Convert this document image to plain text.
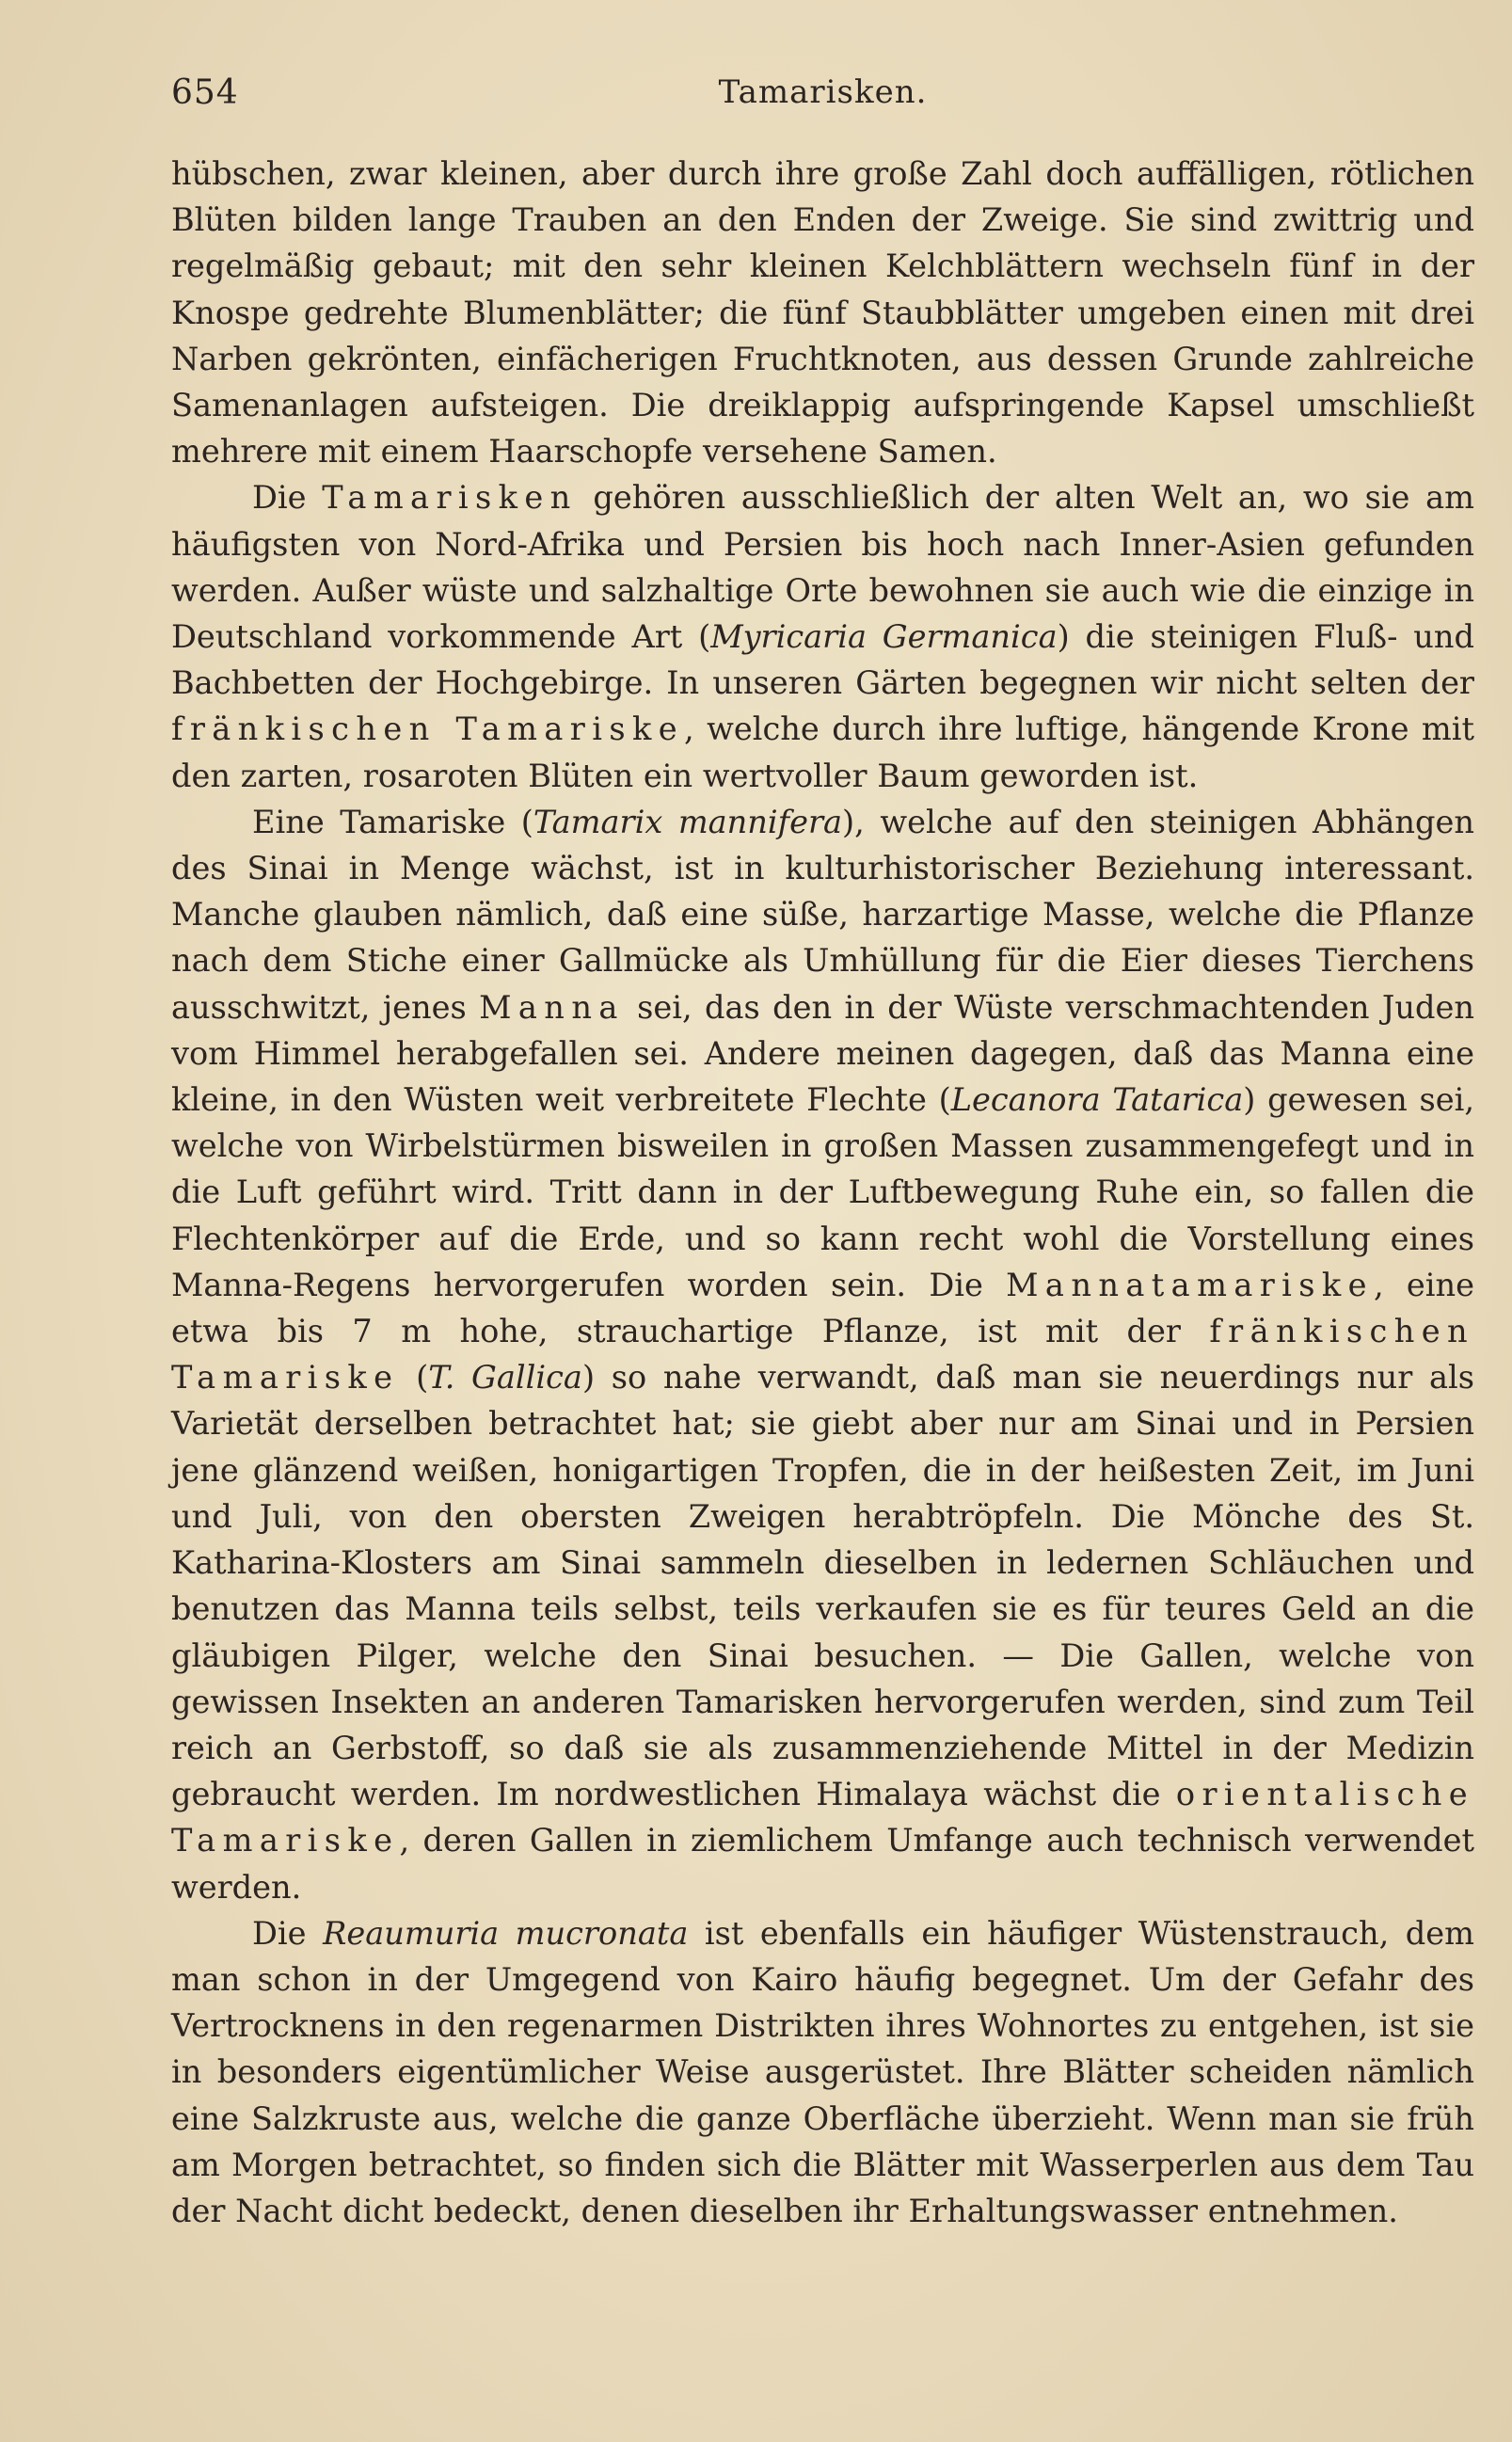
654	Tamarisken.

hübschen, zwar kleinen, aber durch ihre große Zahl doch auffälligen, rötlichen Blüten bilden lange Trauben an den Enden der Zweige. Sie sind zwittrig und regelmäßig gebaut; mit den sehr kleinen Kelchblättern wechseln fünf in der Knospe gedrehte Blumenblätter; die fünf Staubblätter umgeben einen mit drei Narben gekrönten, einfächerigen Fruchtknoten, aus dessen Grunde zahlreiche Samenanlagen aufsteigen. Die dreiklappig aufspringende Kapsel umschließt mehrere mit einem Haarschopfe versehene Samen.

Die Tamarisken gehören ausschließlich der alten Welt an, wo sie am häufigsten von Nord-Afrika und Persien bis hoch nach Inner-Asien gefunden werden. Außer wüste und salzhaltige Orte bewohnen sie auch wie die einzige in Deutschland vorkommende Art (Myricaria Germanica) die steinigen Fluß- und Bachbetten der Hochgebirge. In unseren Gärten begegnen wir nicht selten der fränkischen Tamariske, welche durch ihre luftige, hängende Krone mit den zarten, rosaroten Blüten ein wertvoller Baum geworden ist.

Eine Tamariske (Tamarix mannifera), welche auf den steinigen Abhängen des Sinai in Menge wächst, ist in kulturhistorischer Beziehung interessant. Manche glauben nämlich, daß eine süße, harzartige Masse, welche die Pflanze nach dem Stiche einer Gallmücke als Umhüllung für die Eier dieses Tierchens ausschwitzt, jenes Manna sei, das den in der Wüste verschmachtenden Juden vom Himmel herabgefallen sei. Andere meinen dagegen, daß das Manna eine kleine, in den Wüsten weit verbreitete Flechte (Lecanora Tatarica) gewesen sei, welche von Wirbelstürmen bisweilen in großen Massen zusammengefegt und in die Luft geführt wird. Tritt dann in der Luftbewegung Ruhe ein, so fallen die Flechtenkörper auf die Erde, und so kann recht wohl die Vorstellung eines Manna-Regens hervorgerufen worden sein. Die Mannatamariske, eine etwa bis 7 m hohe, strauchartige Pflanze, ist mit der fränkischen Tamariske (T. Gallica) so nahe verwandt, daß man sie neuerdings nur als Varietät derselben betrachtet hat; sie giebt aber nur am Sinai und in Persien jene glänzend weißen, honigartigen Tropfen, die in der heißesten Zeit, im Juni und Juli, von den obersten Zweigen herabtröpfeln. Die Mönche des St. Katharina-Klosters am Sinai sammeln dieselben in ledernen Schläuchen und benutzen das Manna teils selbst, teils verkaufen sie es für teures Geld an die gläubigen Pilger, welche den Sinai besuchen. — Die Gallen, welche von gewissen Insekten an anderen Tamarisken hervorgerufen werden, sind zum Teil reich an Gerbstoff, so daß sie als zusammenziehende Mittel in der Medizin gebraucht werden. Im nordwestlichen Himalaya wächst die orientalische Tamariske, deren Gallen in ziemlichem Umfange auch technisch verwendet werden.

Die Reaumuria mucronata ist ebenfalls ein häufiger Wüstenstrauch, dem man schon in der Umgegend von Kairo häufig begegnet. Um der Gefahr des Vertrocknens in den regenarmen Distrikten ihres Wohnortes zu entgehen, ist sie in besonders eigentümlicher Weise ausgerüstet. Ihre Blätter scheiden nämlich eine Salzkruste aus, welche die ganze Oberfläche überzieht. Wenn man sie früh am Morgen betrachtet, so finden sich die Blätter mit Wasserperlen aus dem Tau der Nacht dicht bedeckt, denen dieselben ihr Erhaltungswasser entnehmen.
